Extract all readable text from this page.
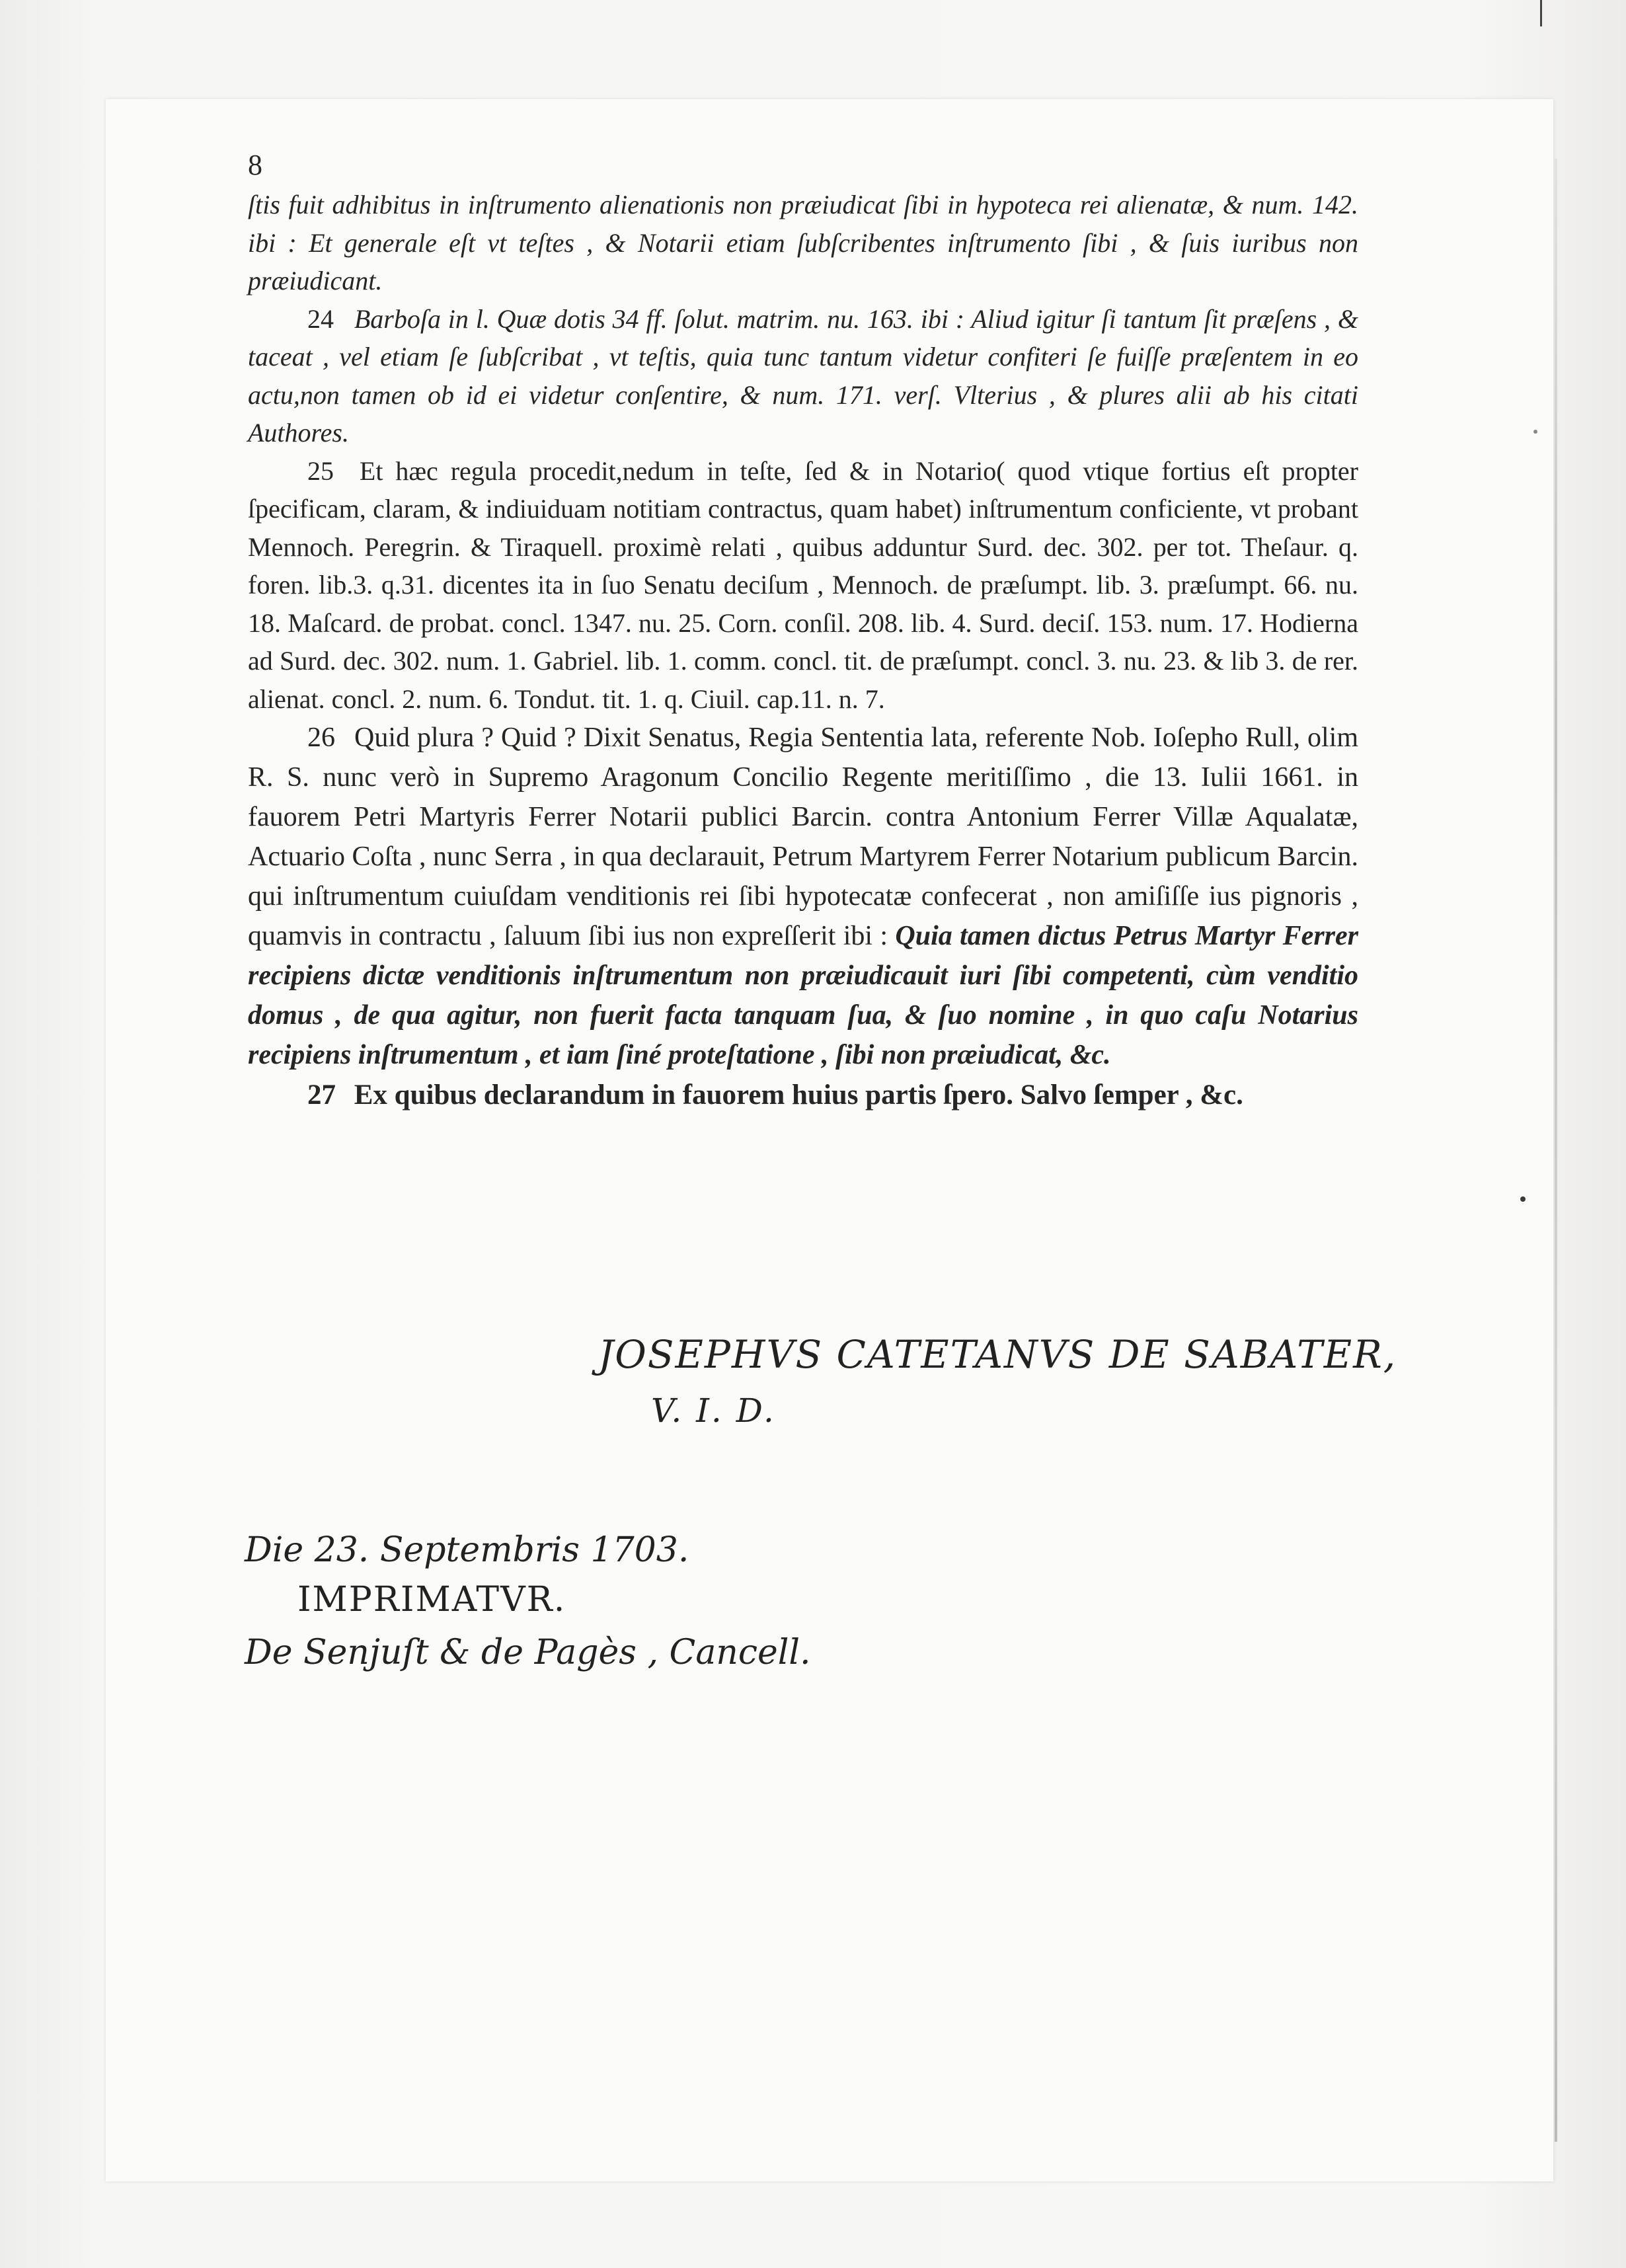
8

ſtis fuit adhibitus in inſtrumento alienationis non præiudicat ſibi in hypoteca rei alienatæ, & num. 142. ibi : Et generale eſt vt teſtes , & Notarii etiam ſubſcribentes inſtrumento ſibi , & ſuis iuribus non præiudicant.

24 Barboſa in l. Quæ dotis 34 ff. ſolut. matrim. nu. 163. ibi : Aliud igitur ſi tantum ſit præſens , & taceat , vel etiam ſe ſubſcribat , vt teſtis, quia tunc tantum videtur confiteri ſe fuiſſe præſentem in eo actu,non tamen ob id ei videtur conſentire, & num. 171. verſ. Vlterius , & plures alii ab his citati Authores.

25 Et hæc regula procedit,nedum in teſte, ſed & in Notario( quod vtique fortius eſt propter ſpecificam, claram, & indiuiduam notitiam contractus, quam habet) inſtrumentum conficiente, vt probant Mennoch. Peregrin. & Tiraquell. proximè relati , quibus adduntur Surd. dec. 302. per tot. Theſaur. q. foren. lib.3. q.31. dicentes ita in ſuo Senatu deciſum , Mennoch. de præſumpt. lib. 3. præſumpt. 66. nu. 18. Maſcard. de probat. concl. 1347. nu. 25. Corn. conſil. 208. lib. 4. Surd. deciſ. 153. num. 17. Hodierna ad Surd. dec. 302. num. 1. Gabriel. lib. 1. comm. concl. tit. de præſumpt. concl. 3. nu. 23. & lib 3. de rer. alienat. concl. 2. num. 6. Tondut. tit. 1. q. Ciuil. cap.11. n. 7.

26 Quid plura ? Quid ? Dixit Senatus, Regia Sententia lata, referente Nob. Ioſepho Rull, olim R. S. nunc verò in Supremo Aragonum Concilio Regente meritiſſimo , die 13. Iulii 1661. in fauorem Petri Martyris Ferrer Notarii publici Barcin. contra Antonium Ferrer Villæ Aqualatæ, Actuario Coſta , nunc Serra , in qua declarauit, Petrum Martyrem Ferrer Notarium publicum Barcin. qui inſtrumentum cuiuſdam venditionis rei ſibi hypotecatæ confecerat , non amiſiſſe ius pignoris , quamvis in contractu , ſaluum ſibi ius non expreſſerit ibi : Quia tamen dictus Petrus Martyr Ferrer recipiens dictæ venditionis inſtrumentum non præiudicauit iuri ſibi competenti, cùm venditio domus , de qua agitur, non fuerit facta tanquam ſua, & ſuo nomine , in quo caſu Notarius recipiens inſtrumentum , et iam ſiné proteſtatione , ſibi non præiudicat, &c.

27 Ex quibus declarandum in fauorem huius partis ſpero. Salvo ſemper , &c.

JOSEPHVS CATETANVS DE SABATER,
V. I. D.
Die 23. Septembris 1703.
IMPRIMATVR.
De Senjuſt & de Pagès , Cancell.
